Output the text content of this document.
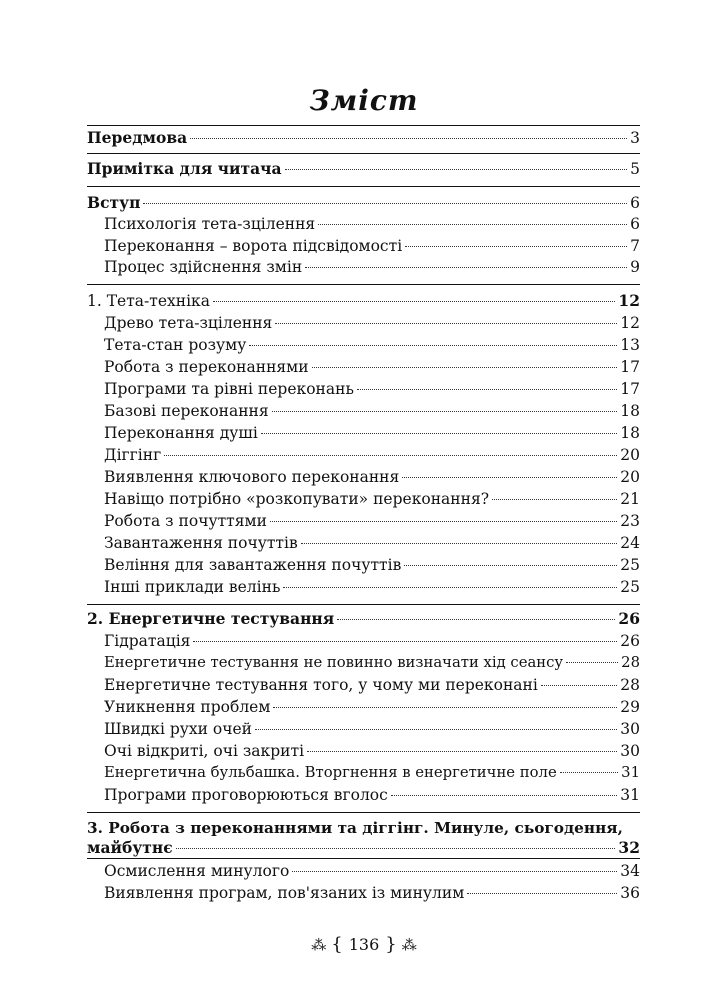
Зміст
Передмова	3
Примітка для читача	5
Вступ	6
Психологія тета-зцілення	6
Переконання – ворота підсвідомості	7
Процес здійснення змін	9
1. Тета-техніка	12
Древо тета-зцілення	12
Тета-стан розуму	13
Робота з переконаннями	17
Програми та рівні переконань	17
Базові переконання	18
Переконання душі	18
Діггінг	20
Виявлення ключового переконання	20
Навіщо потрібно «розкопувати» переконання?	21
Робота з почуттями	23
Завантаження почуттів	24
Веління для завантаження почуттів	25
Інші приклади велінь	25
2. Енергетичне тестування	26
Гідратація	26
Енергетичне тестування не повинно визначати хід сеансу	28
Енергетичне тестування того, у чому ми переконані	28
Уникнення проблем	29
Швидкі рухи очей	30
Очі відкриті, очі закриті	30
Енергетична бульбашка. Вторгнення в енергетичне поле	31
Програми проговорюються вголос	31
3. Робота з переконаннями та діггінг. Минуле, сьогодення,
майбутнє	32
Осмислення минулого	34
Виявлення програм, пов'язаних із минулим	36
⁂ { 136 } ⁂
